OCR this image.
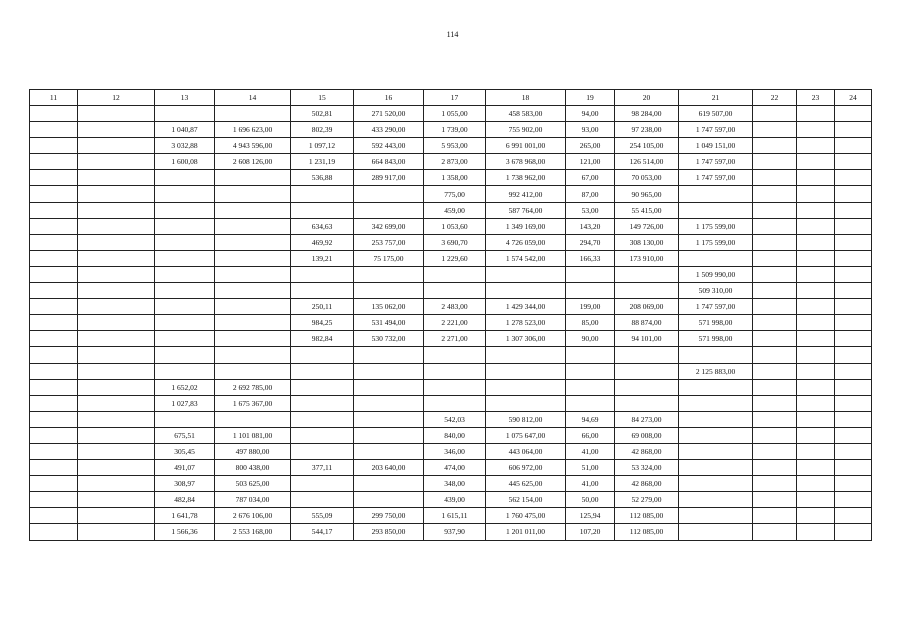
114
11	12	13	14	15	16	17	18	19	20	21	22	23	24
				502,81	271 520,00	1 055,00	458 583,00	94,00	98 284,00	619 507,00			
		1 040,87	1 696 623,00	802,39	433 290,00	1 739,00	755 902,00	93,00	97 238,00	1 747 597,00			
		3 032,88	4 943 596,00	1 097,12	592 443,00	5 953,00	6 991 001,00	265,00	254 105,00	1 049 151,00			
		1 600,08	2 608 126,00	1 231,19	664 843,00	2 873,00	3 678 968,00	121,00	126 514,00	1 747 597,00			
				536,88	289 917,00	1 358,00	1 738 962,00	67,00	70 053,00	1 747 597,00			
						775,00	992 412,00	87,00	90 965,00				
						459,00	587 764,00	53,00	55 415,00				
				634,63	342 699,00	1 053,60	1 349 169,00	143,20	149 726,00	1 175 599,00			
				469,92	253 757,00	3 690,70	4 726 059,00	294,70	308 130,00	1 175 599,00			
				139,21	75 175,00	1 229,60	1 574 542,00	166,33	173 910,00				
										1 509 990,00			
										509 310,00			
				250,11	135 062,00	2 483,00	1 429 344,00	199,00	208 069,00	1 747 597,00			
				984,25	531 494,00	2 221,00	1 278 523,00	85,00	88 874,00	571 998,00			
				982,84	530 732,00	2 271,00	1 307 306,00	90,00	94 101,00	571 998,00			

										2 125 883,00			
		1 652,02	2 692 785,00										
		1 027,83	1 675 367,00										
						542,03	590 812,00	94,69	84 273,00				
		675,51	1 101 081,00			840,00	1 075 647,00	66,00	69 008,00				
		305,45	497 880,00			346,00	443 064,00	41,00	42 868,00				
		491,07	800 438,00	377,11	203 640,00	474,00	606 972,00	51,00	53 324,00				
		308,97	503 625,00			348,00	445 625,00	41,00	42 868,00				
		482,84	787 034,00			439,00	562 154,00	50,00	52 279,00				
		1 641,78	2 676 106,00	555,09	299 750,00	1 615,11	1 760 475,00	125,94	112 085,00				
		1 566,36	2 553 168,00	544,17	293 850,00	937,90	1 201 011,00	107,20	112 085,00				
